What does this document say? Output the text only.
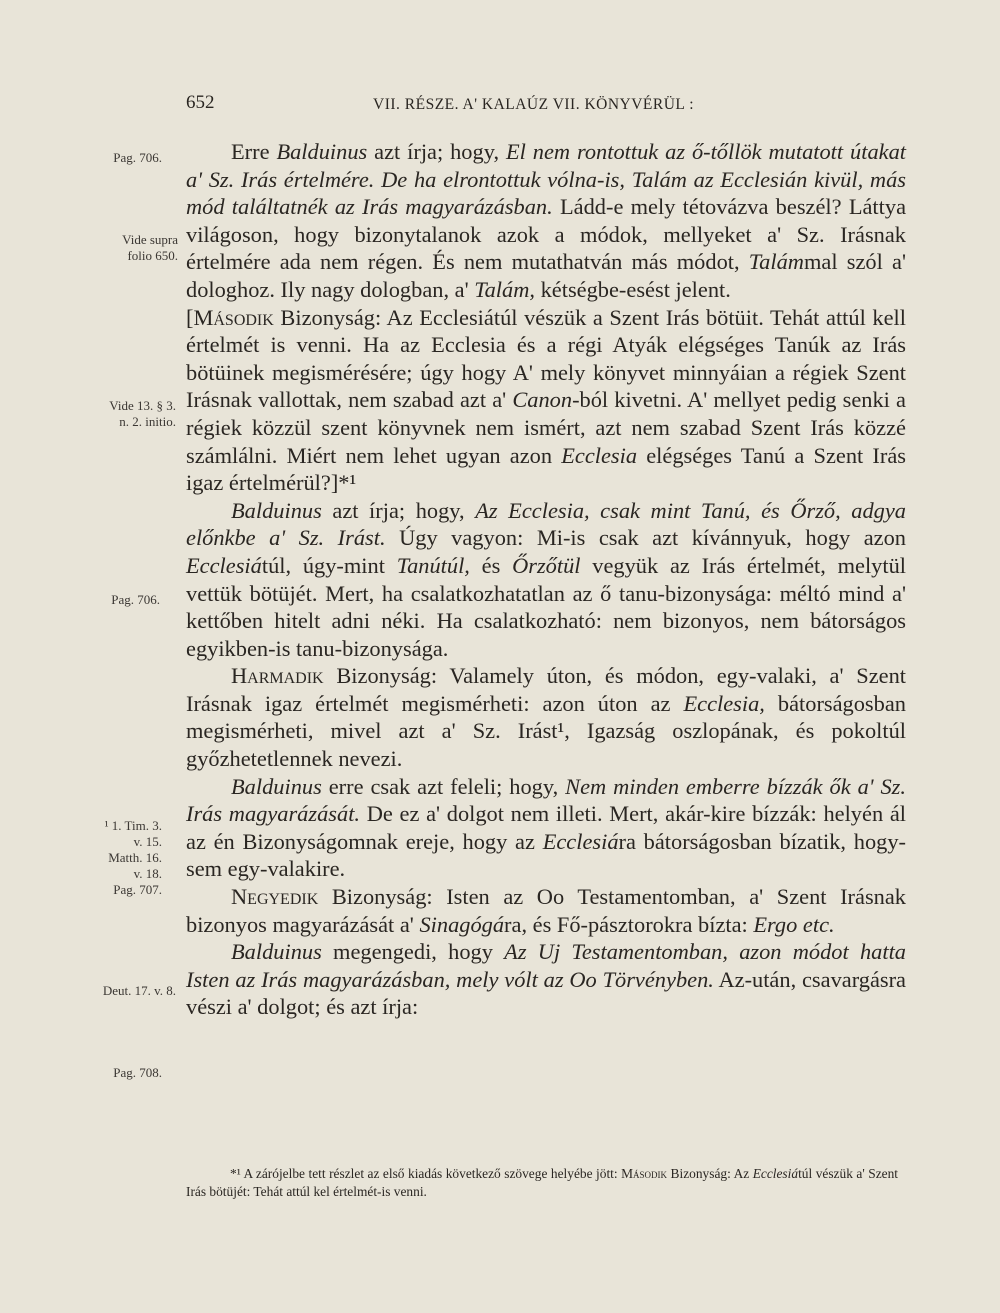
652	VII. RÉSZE. A' KALAÚZ VII. KÖNYVÉRÜL :
Pag. 706.
Vide supra
folio 650.
Vide 13. § 3.
n. 2. initio.
Pag. 706.
¹ 1. Tim. 3.
v. 15.
Matth. 16.
v. 18.
Pag. 707.
Deut. 17. v. 8.
Pag. 708.

Erre Balduinus azt írja; hogy, El nem rontottuk az ő-tőllök mutatott útakat a' Sz. Irás értelmére. De ha elrontottuk vólna-is, Talám az Ecclesián kivül, más mód találtatnék az Irás magyarázásban. Ládd-e mely tétovázva beszél? Láttya világoson, hogy bizonytalanok azok a módok, mellyeket a' Sz. Irásnak értelmére ada nem régen. És nem mutathatván más módot, Talámmal szól a' dologhoz. Ily nagy dologban, a' Talám, kétségbe-esést jelent.

[Második Bizonyság: Az Ecclesiátúl vészük a Szent Irás bötüit. Tehát attúl kell értelmét is venni. Ha az Ecclesia és a régi Atyák elégséges Tanúk az Irás bötüinek megismérésére; úgy hogy A' mely könyvet minnyáian a régiek Szent Irásnak vallottak, nem szabad azt a' Canon-ból kivetni. A' mellyet pedig senki a régiek közzül szent könyvnek nem ismért, azt nem szabad Szent Irás közzé számlálni. Miért nem lehet ugyan azon Ecclesia elégséges Tanú a Szent Irás igaz értelmérül?]*¹

Balduinus azt írja; hogy, Az Ecclesia, csak mint Tanú, és Őrző, adgya előnkbe a' Sz. Irást. Úgy vagyon: Mi-is csak azt kívánnyuk, hogy azon Ecclesiátúl, úgy-mint Tanútúl, és Őrzőtül vegyük az Irás értelmét, melytül vettük bötüjét. Mert, ha csalatkozhatatlan az ő tanu-bizonysága: méltó mind a' kettőben hitelt adni néki. Ha csalatkozható: nem bizonyos, nem bátorságos egyikben-is tanu-bizonysága.

Harmadik Bizonyság: Valamely úton, és módon, egy-valaki, a' Szent Irásnak igaz értelmét megismérheti: azon úton az Ecclesia, bátorságosban megismérheti, mivel azt a' Sz. Irást¹, Igazság oszlopának, és pokoltúl győzhetetlennek nevezi.

Balduinus erre csak azt feleli; hogy, Nem minden emberre bízzák ők a' Sz. Irás magyarázását. De ez a' dolgot nem illeti. Mert, akár-kire bízzák: helyén ál az én Bizonyságomnak ereje, hogy az Ecclesiára bátorságosban bízatik, hogy-sem egy-valakire.

Negyedik Bizonyság: Isten az Oo Testamentomban, a' Szent Irásnak bizonyos magyarázását a' Sinagógára, és Fő-pásztorokra bízta: Ergo etc.

Balduinus megengedi, hogy Az Uj Testamentomban, azon módot hatta Isten az Irás magyarázásban, mely vólt az Oo Törvényben. Az-után, csavargásra vészi a' dolgot; és azt írja:

*¹ A zárójelbe tett részlet az első kiadás következő szövege helyébe jött: Második Bizonyság: Az Ecclesiátúl vészük a' Szent Irás bötüjét: Tehát attúl kel értelmét-is venni.
